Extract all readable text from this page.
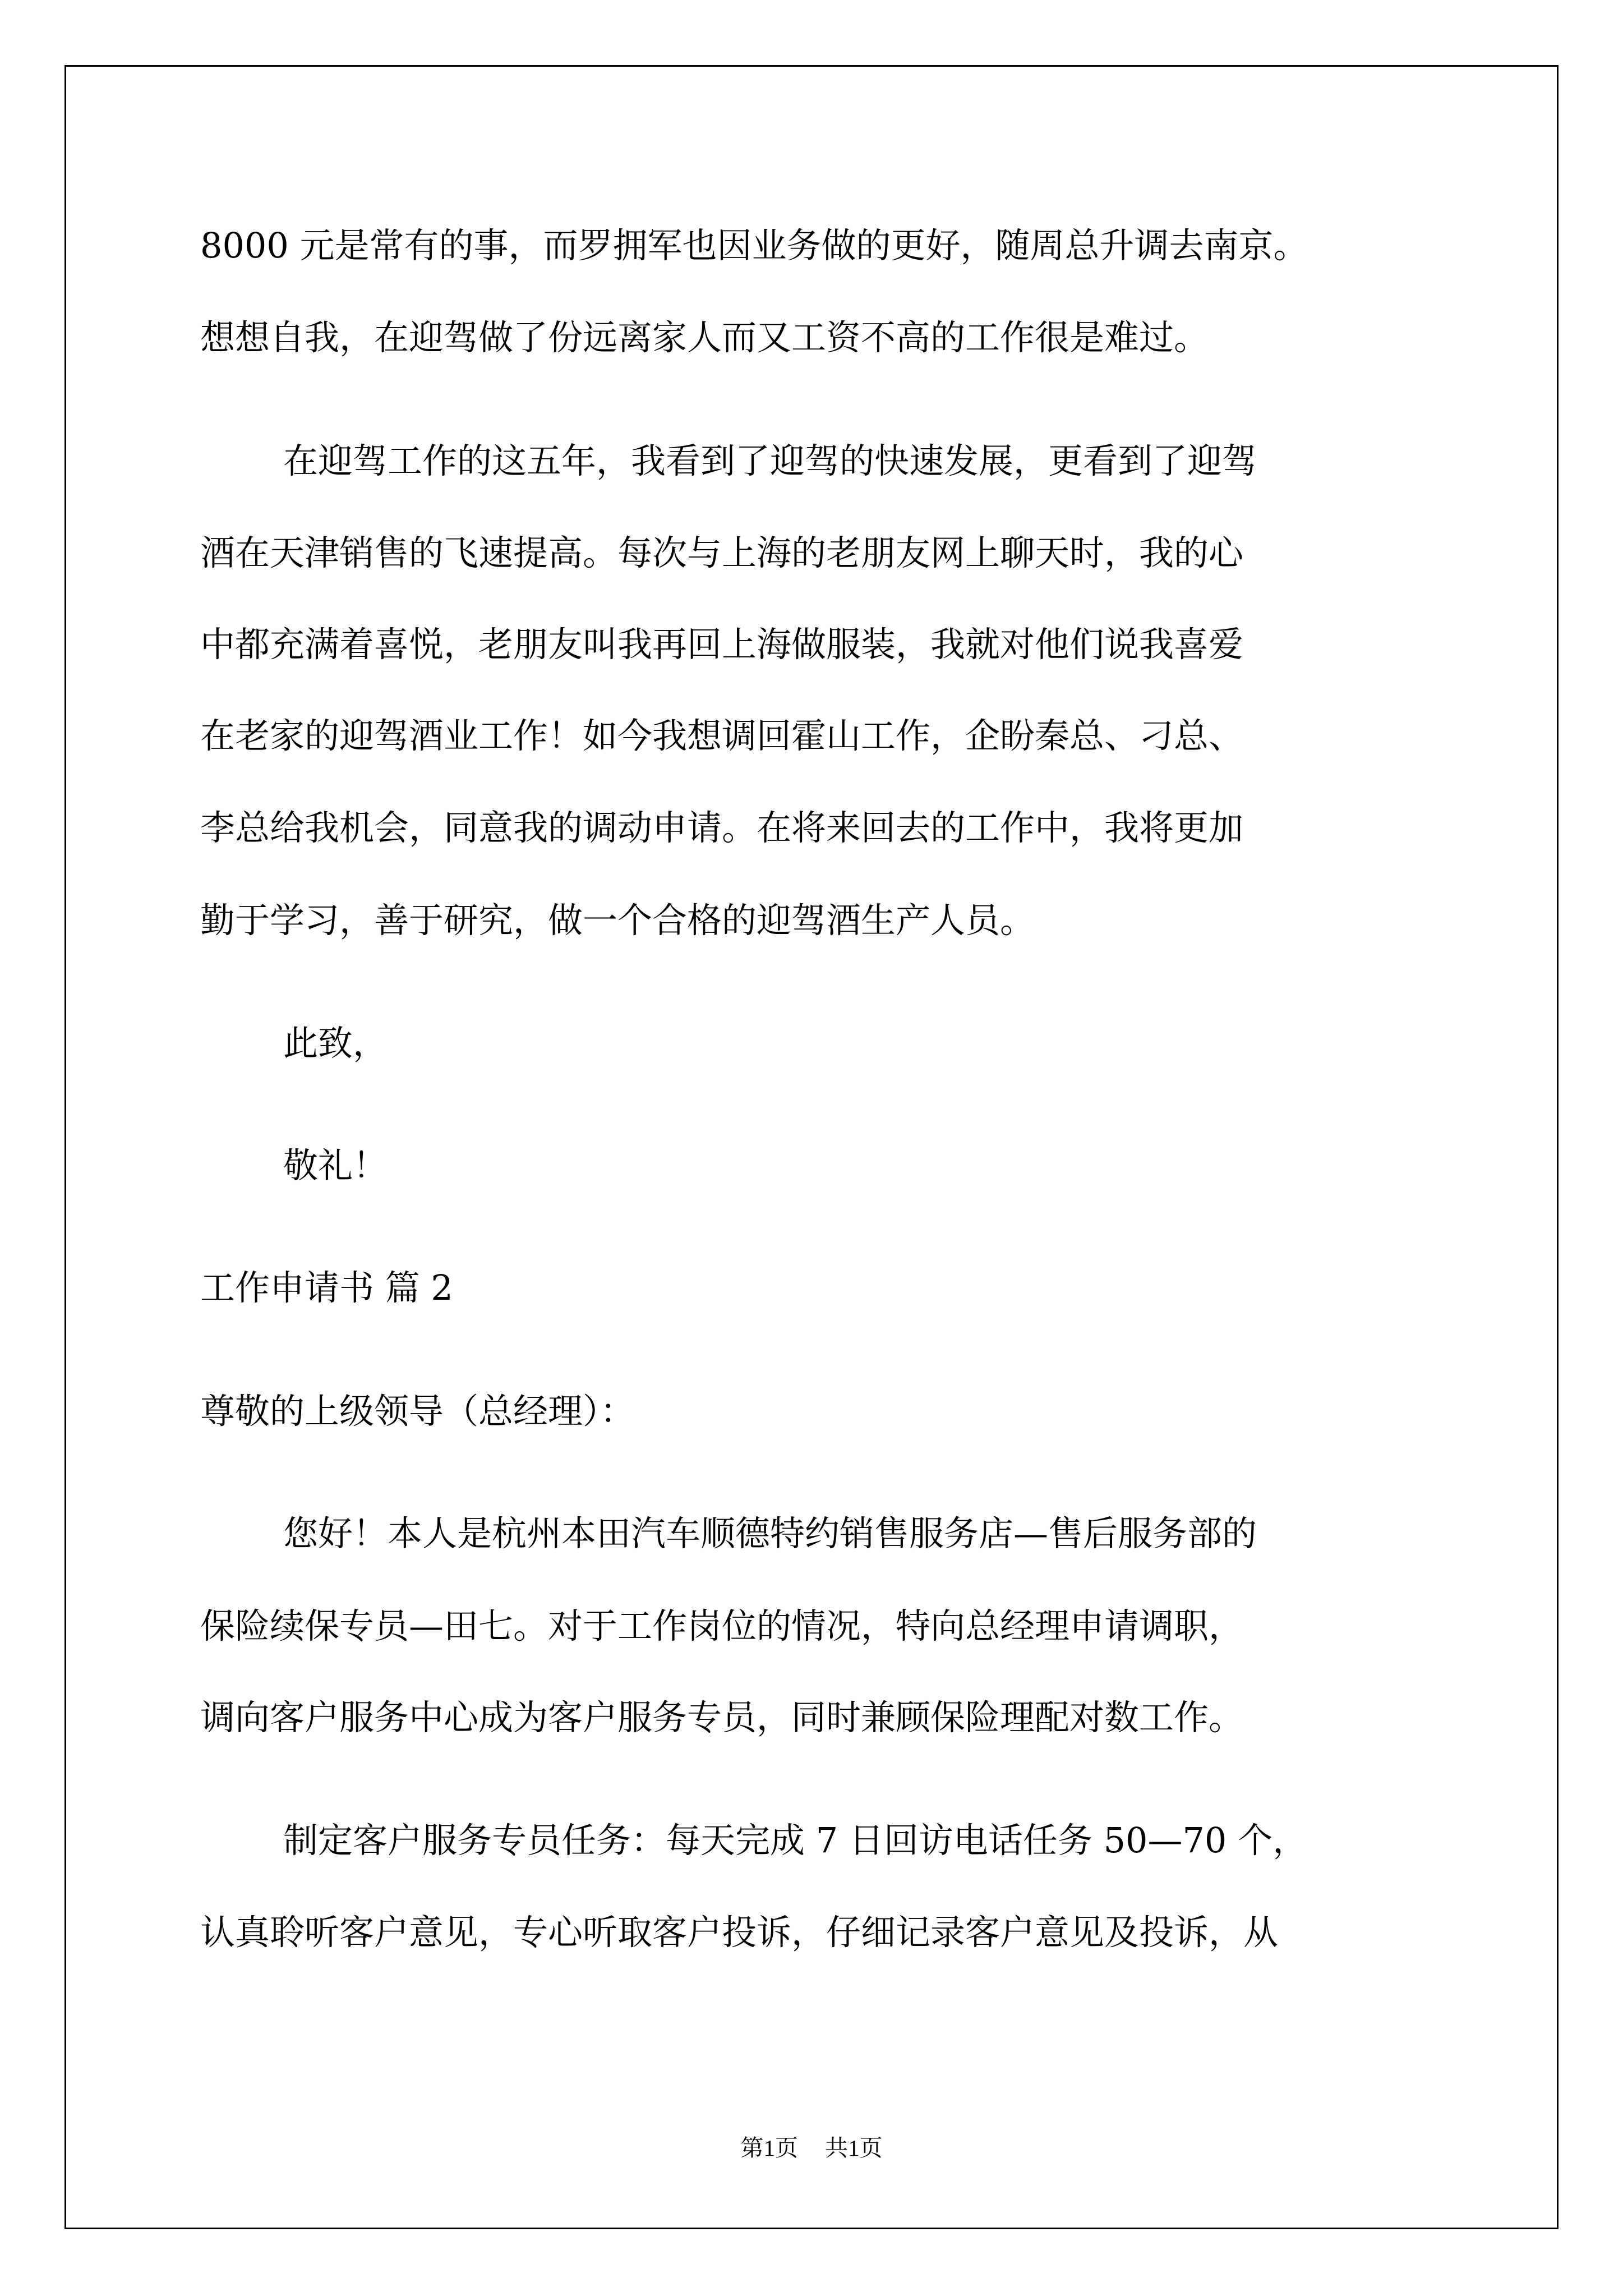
8000 元是常有的事，而罗拥军也因业务做的更好，随周总升调去南京。
想想自我，在迎驾做了份远离家人而又工资不高的工作很是难过。
在迎驾工作的这五年，我看到了迎驾的快速发展，更看到了迎驾
酒在天津销售的飞速提高。每次与上海的老朋友网上聊天时，我的心
中都充满着喜悦，老朋友叫我再回上海做服装，我就对他们说我喜爱
在老家的迎驾酒业工作！如今我想调回霍山工作，企盼秦总、刁总、
李总给我机会，同意我的调动申请。在将来回去的工作中，我将更加
勤于学习，善于研究，做一个合格的迎驾酒生产人员。
此致，
敬礼！
工作申请书 篇 2
尊敬的上级领导（总经理）：
您好！本人是杭州本田汽车顺德特约销售服务店—售后服务部的
保险续保专员—田七。对于工作岗位的情况，特向总经理申请调职，
调向客户服务中心成为客户服务专员，同时兼顾保险理配对数工作。
制定客户服务专员任务：每天完成 7 日回访电话任务 50—70 个，
认真聆听客户意见，专心听取客户投诉，仔细记录客户意见及投诉，从
第1页 共1页
